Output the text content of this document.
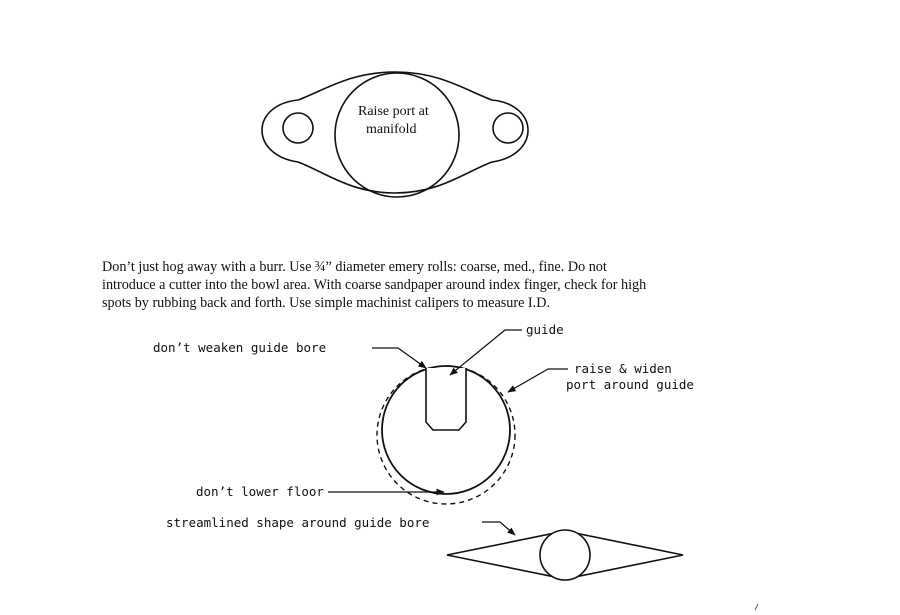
Raise port at
manifold
don’t weaken guide bore
guide
raise & widen
port around guide
don’t lower floor
streamlined shape around guide bore
Don’t just hog away with a burr. Use ¾” diameter emery rolls: coarse, med., fine. Do not
introduce a cutter into the bowl area. With coarse sandpaper around index finger, check for high
spots by rubbing back and forth. Use simple machinist calipers to measure I.D.
